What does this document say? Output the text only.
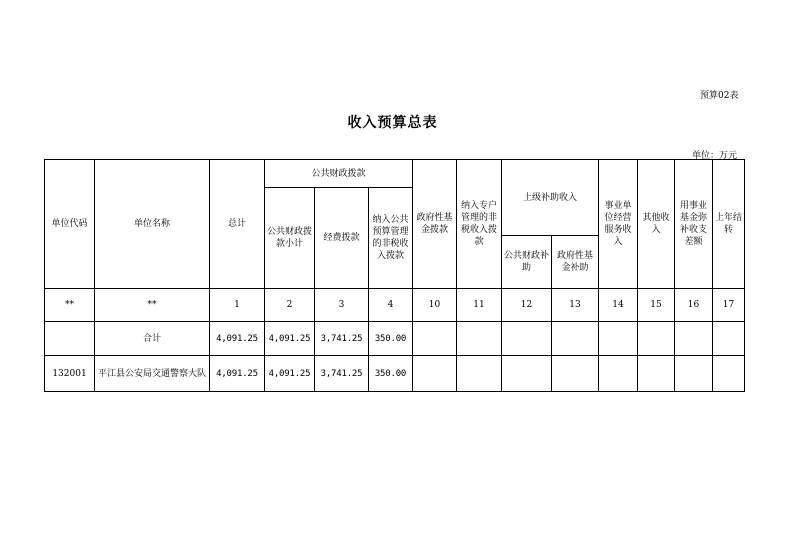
预算02表
收入预算总表
单位：万元
单位代码	单位名称	总计	公共财政拨款			政府性基金拨款	纳入专户管理的非税收入拨款	上级补助收入		事业单位经营服务收入	其他收入	用事业基金弥补收支差额	上年结转
			公共财政拨款小计	经费拨款	纳入公共预算管理的非税收入拨款								
								公共财政补助	政府性基金补助				
**	**	1	2	3	4	10	11	12	13	14	15	16	17
	合计	4,091.25	4,091.25	3,741.25	350.00								
132001	平江县公安局交通警察大队	4,091.25	4,091.25	3,741.25	350.00								
